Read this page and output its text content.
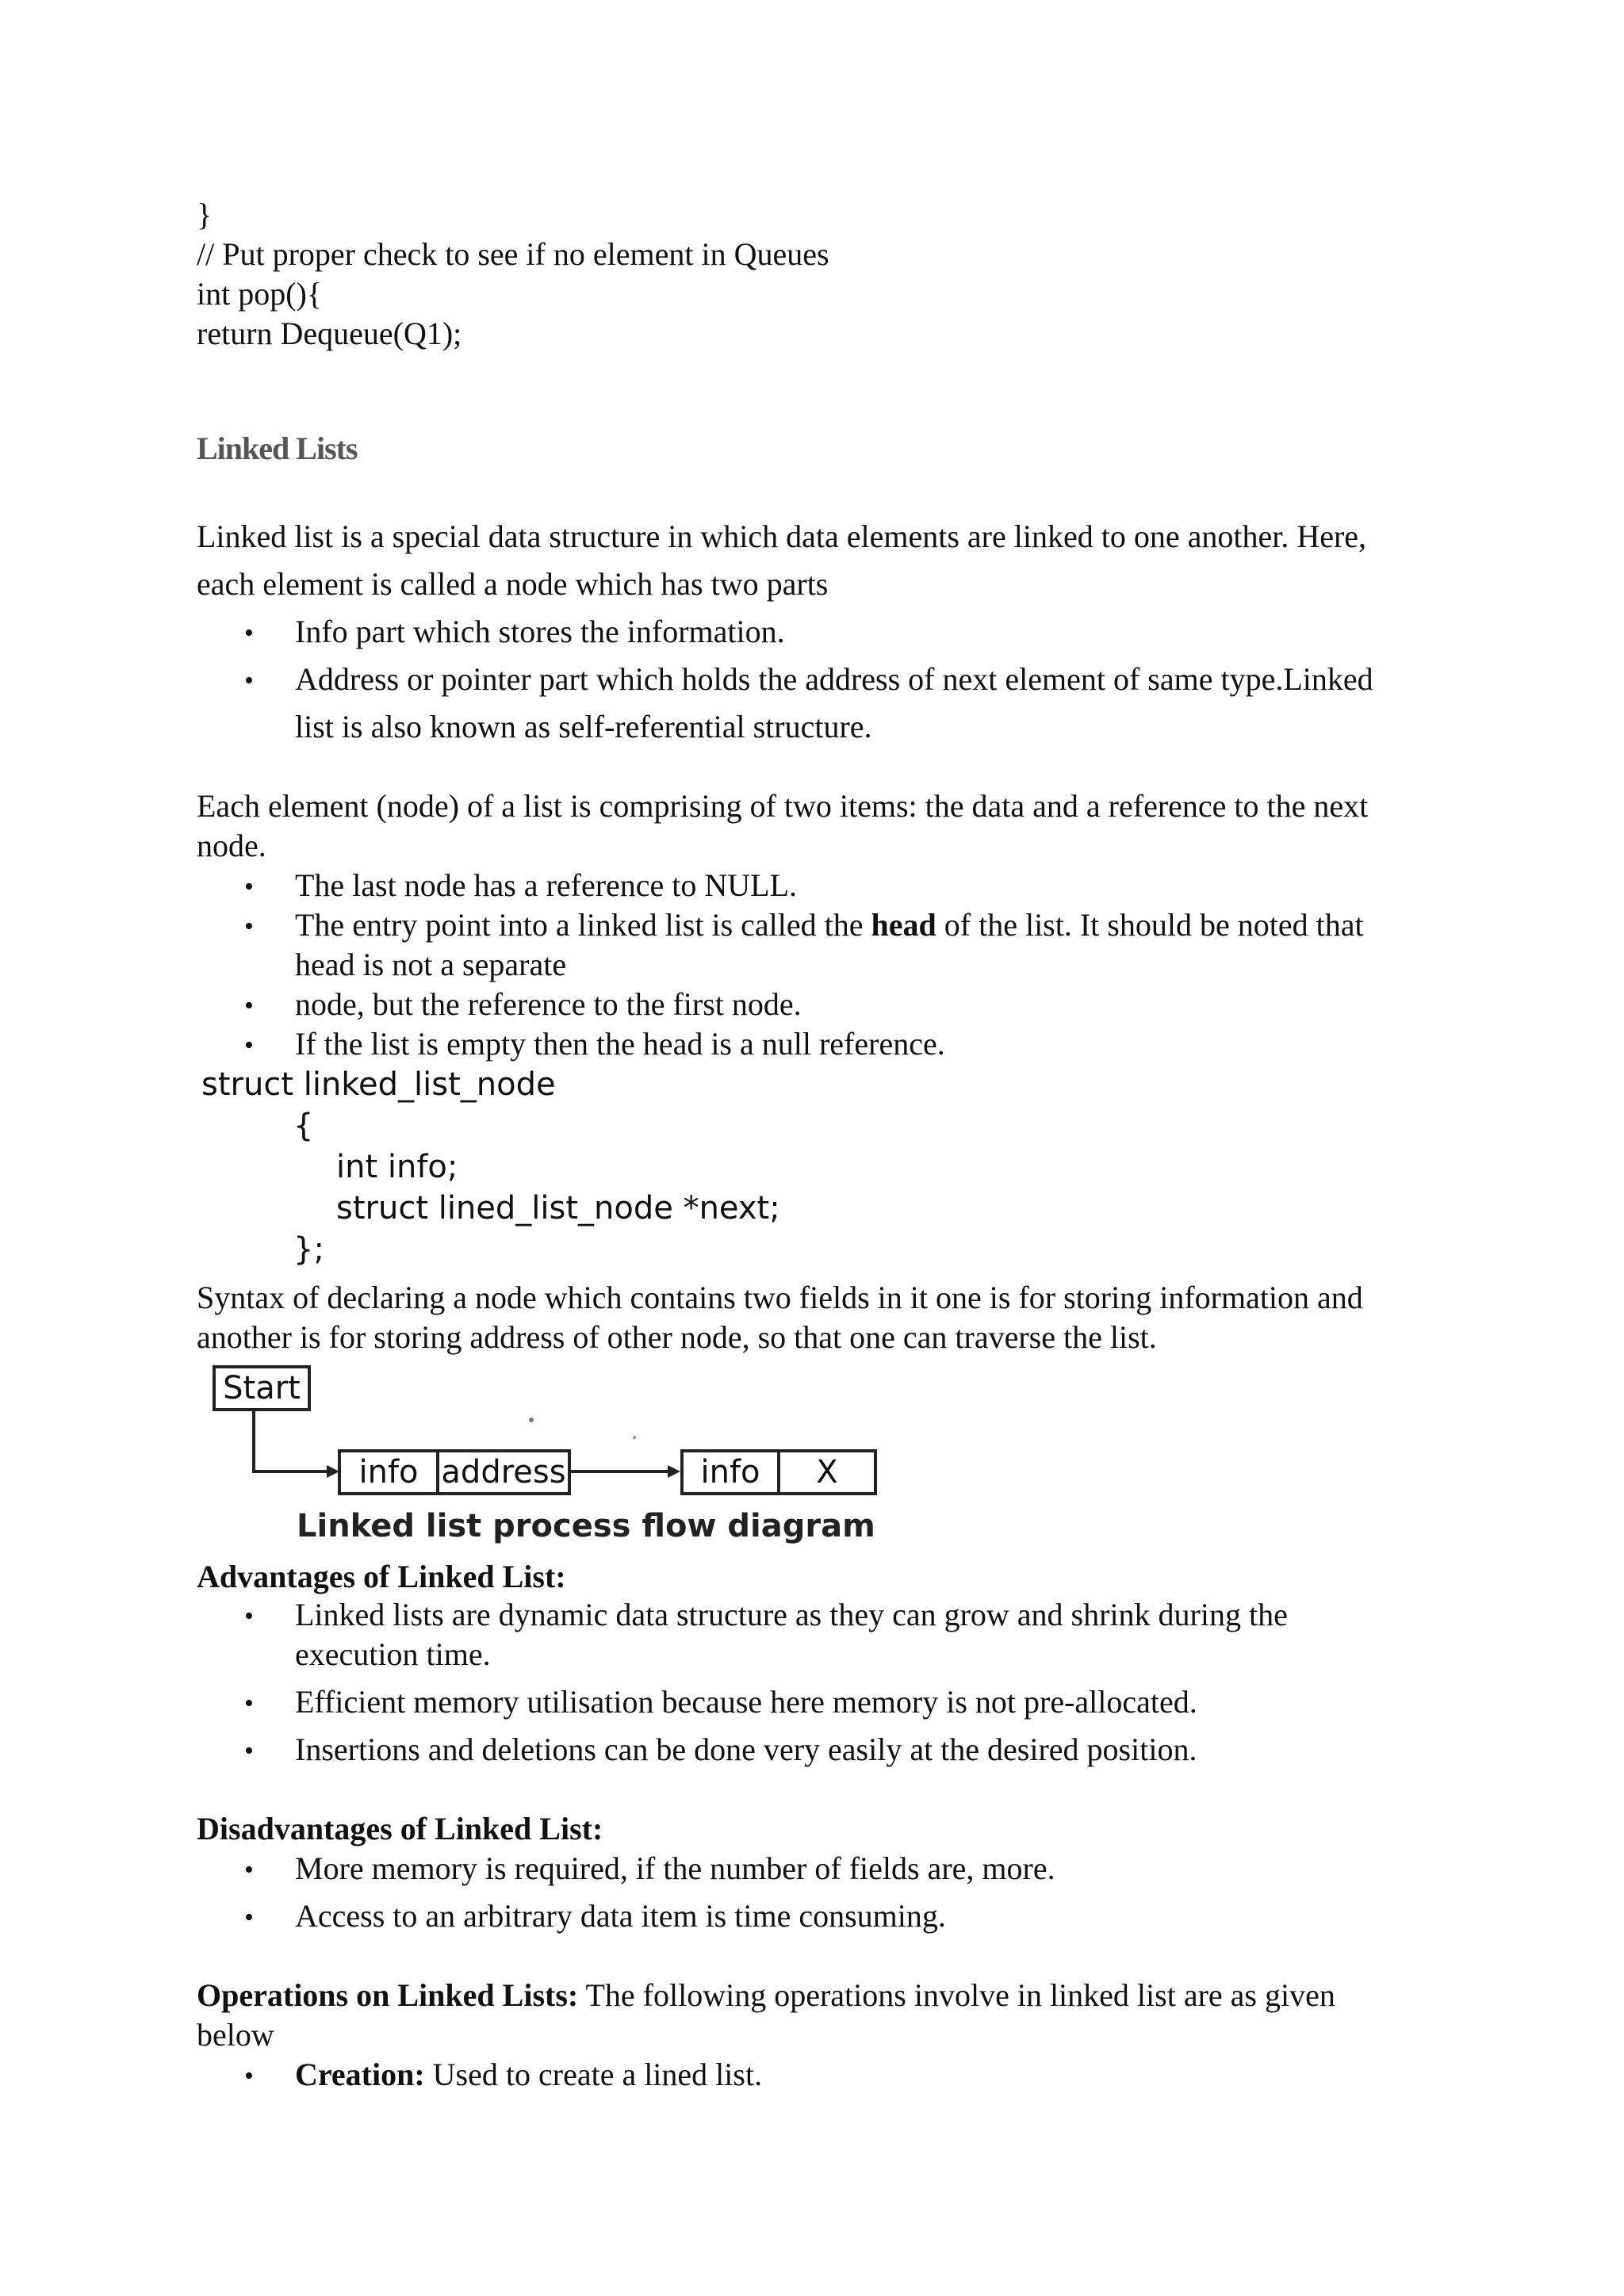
}
// Put proper check to see if no element in Queues
int pop(){
return Dequeue(Q1);
Linked Lists
Linked list is a special data structure in which data elements are linked to one another. Here,
each element is called a node which has two parts
• Info part which stores the information.
• Address or pointer part which holds the address of next element of same type.Linked
list is also known as self-referential structure.
Each element (node) of a list is comprising of two items: the data and a reference to the next
node.
• The last node has a reference to NULL.
• The entry point into a linked list is called the head of the list. It should be noted that
head is not a separate
• node, but the reference to the first node.
• If the list is empty then the head is a null reference.
struct linked_list_node
{
int info;
struct lined_list_node *next;
};
Syntax of declaring a node which contains two fields in it one is for storing information and
another is for storing address of other node, so that one can traverse the list.
Start
info address	info	X
Linked list process flow diagram
Advantages of Linked List:
• Linked lists are dynamic data structure as they can grow and shrink during the
execution time.
• Efficient memory utilisation because here memory is not pre-allocated.
• Insertions and deletions can be done very easily at the desired position.
Disadvantages of Linked List:
• More memory is required, if the number of fields are, more.
• Access to an arbitrary data item is time consuming.
Operations on Linked Lists: The following operations involve in linked list are as given
below
• Creation: Used to create a lined list.
